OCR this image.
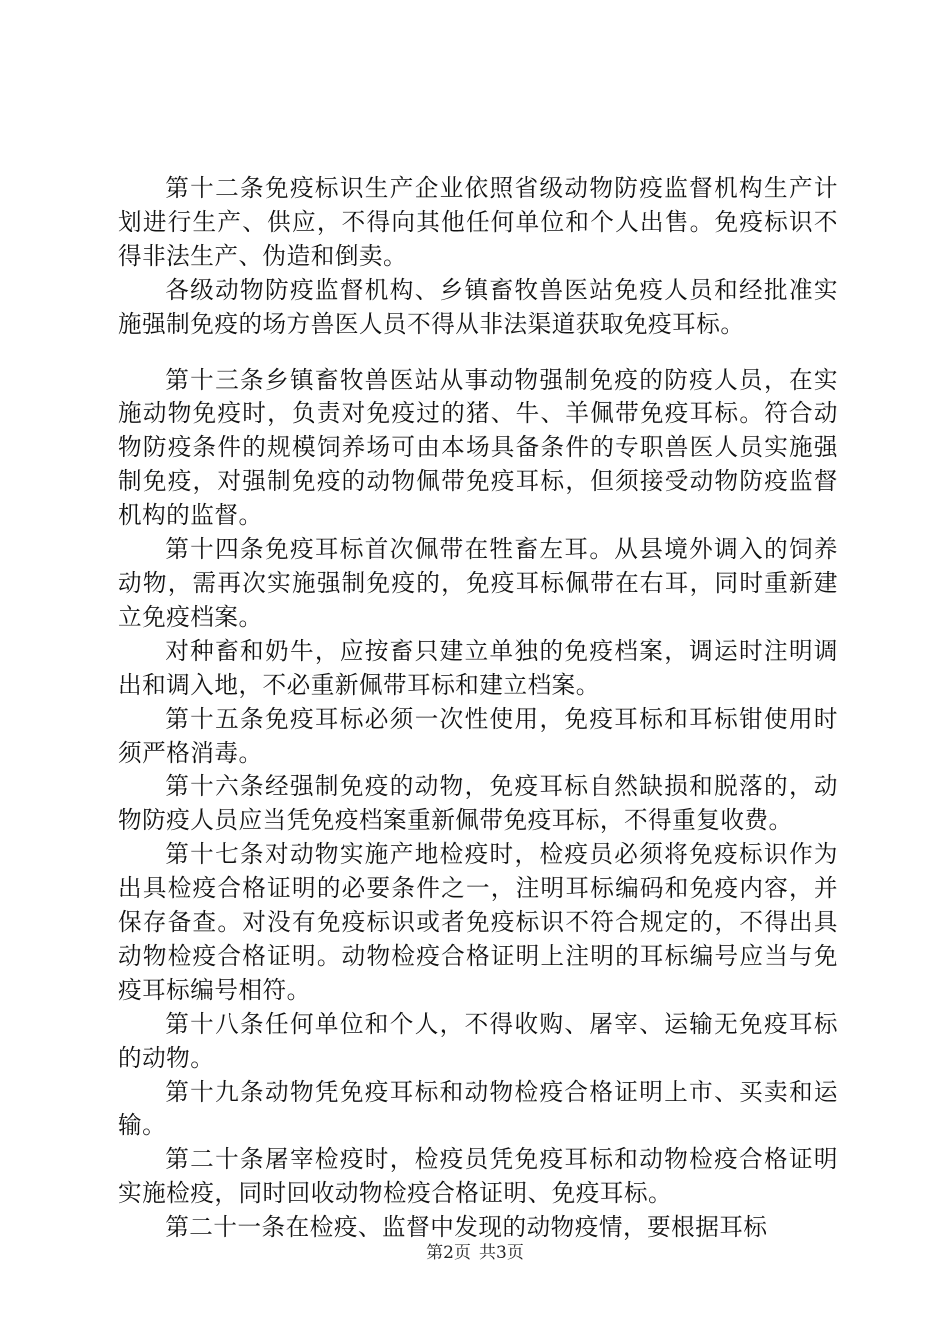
第十二条免疫标识生产企业依照省级动物防疫监督机构生产计划进行生产、供应，不得向其他任何单位和个人出售。免疫标识不得非法生产、伪造和倒卖。

各级动物防疫监督机构、乡镇畜牧兽医站免疫人员和经批准实施强制免疫的场方兽医人员不得从非法渠道获取免疫耳标。

第十三条乡镇畜牧兽医站从事动物强制免疫的防疫人员，在实施动物免疫时，负责对免疫过的猪、牛、羊佩带免疫耳标。符合动物防疫条件的规模饲养场可由本场具备条件的专职兽医人员实施强制免疫，对强制免疫的动物佩带免疫耳标，但须接受动物防疫监督机构的监督。

第十四条免疫耳标首次佩带在牲畜左耳。从县境外调入的饲养动物，需再次实施强制免疫的，免疫耳标佩带在右耳，同时重新建立免疫档案。

对种畜和奶牛，应按畜只建立单独的免疫档案，调运时注明调出和调入地，不必重新佩带耳标和建立档案。

第十五条免疫耳标必须一次性使用，免疫耳标和耳标钳使用时须严格消毒。

第十六条经强制免疫的动物，免疫耳标自然缺损和脱落的，动物防疫人员应当凭免疫档案重新佩带免疫耳标，不得重复收费。

第十七条对动物实施产地检疫时，检疫员必须将免疫标识作为出具检疫合格证明的必要条件之一，注明耳标编码和免疫内容，并保存备查。对没有免疫标识或者免疫标识不符合规定的，不得出具动物检疫合格证明。动物检疫合格证明上注明的耳标编号应当与免疫耳标编号相符。

第十八条任何单位和个人，不得收购、屠宰、运输无免疫耳标的动物。

第十九条动物凭免疫耳标和动物检疫合格证明上市、买卖和运输。

第二十条屠宰检疫时，检疫员凭免疫耳标和动物检疫合格证明实施检疫，同时回收动物检疫合格证明、免疫耳标。

第二十一条在检疫、监督中发现的动物疫情，要根据耳标

第2页 共3页
